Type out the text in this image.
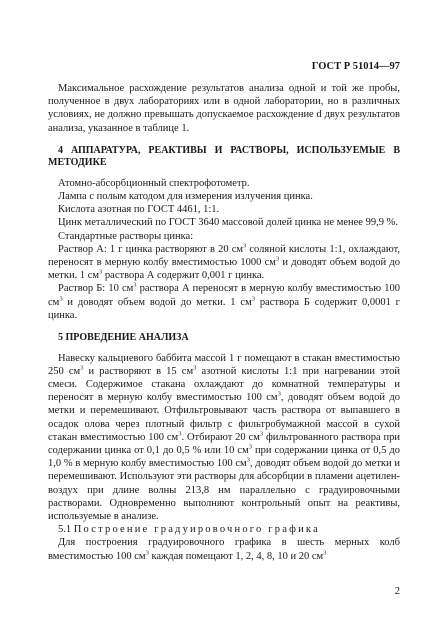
ГОСТ Р 51014—97

Максимальное расхождение результатов анализа одной и той же пробы, полученное в двух лабораториях или в одной лаборатории, но в различных условиях, не должно превышать допускаемое расхождение d двух результатов анализа, указанное в таблице 1.

4 АППАРАТУРА, РЕАКТИВЫ И РАСТВОРЫ, ИСПОЛЬЗУЕМЫЕ В МЕТОДИКЕ

Атомно-абсорбционный спектрофотометр.

Лампа с полым катодом для измерения излучения цинка.

Кислота азотная по ГОСТ 4461, 1:1.

Цинк металлический по ГОСТ 3640 массовой долей цинка не менее 99,9 %.

Стандартные растворы цинка:

Раствор А: 1 г цинка растворяют в 20 $см^3$ соляной кислоты 1:1, охлаждают, переносят в мерную колбу вместимостью 1000 $см^3$ и доводят объем водой до метки. 1 $см^3$ раствора А содержит 0,001 г цинка.

Раствор Б: 10 $см^3$ раствора А переносят в мерную колбу вместимостью 100 $см^3$ и доводят объем водой до метки. 1 $см^3$ раствора Б содержит 0,0001 г цинка.

5 ПРОВЕДЕНИЕ АНАЛИЗА

Навеску кальциевого баббита массой 1 г помещают в стакан вместимостью 250 $см^3$ и растворяют в 15 $см^3$ азотной кислоты 1:1 при нагревании этой смеси. Содержимое стакана охлаждают до комнатной температуры и переносят в мерную колбу вместимостью 100 $см^3$, доводят объем водой до метки и перемешивают. Отфильтровывают часть раствора от выпавшего в осадок олова через плотный фильтр с фильтробумажной массой в сухой стакан вместимостью 100 $см^3$. Отбирают 20 $см^3$ фильтрованного раствора при содержании цинка от 0,1 до 0,5 % или 10 $см^3$ при содержании цинка от 0,5 до 1,0 % в мерную колбу вместимостью 100 $см^3$, доводят объем водой до метки и перемешивают. Используют эти растворы для абсорбции в пламени ацетилен-воздух при длине волны 213,8 нм параллельно с градуировочными растворами. Одновременно выполняют контрольный опыт на реактивы, используемые в анализе.

5.1 Построение градуировочного графика

Для построения градуировочного графика в шесть мерных колб вместимостью 100 $см^3$ каждая помещают 1, 2, 4, 8, 10 и 20 $см^3$

2
